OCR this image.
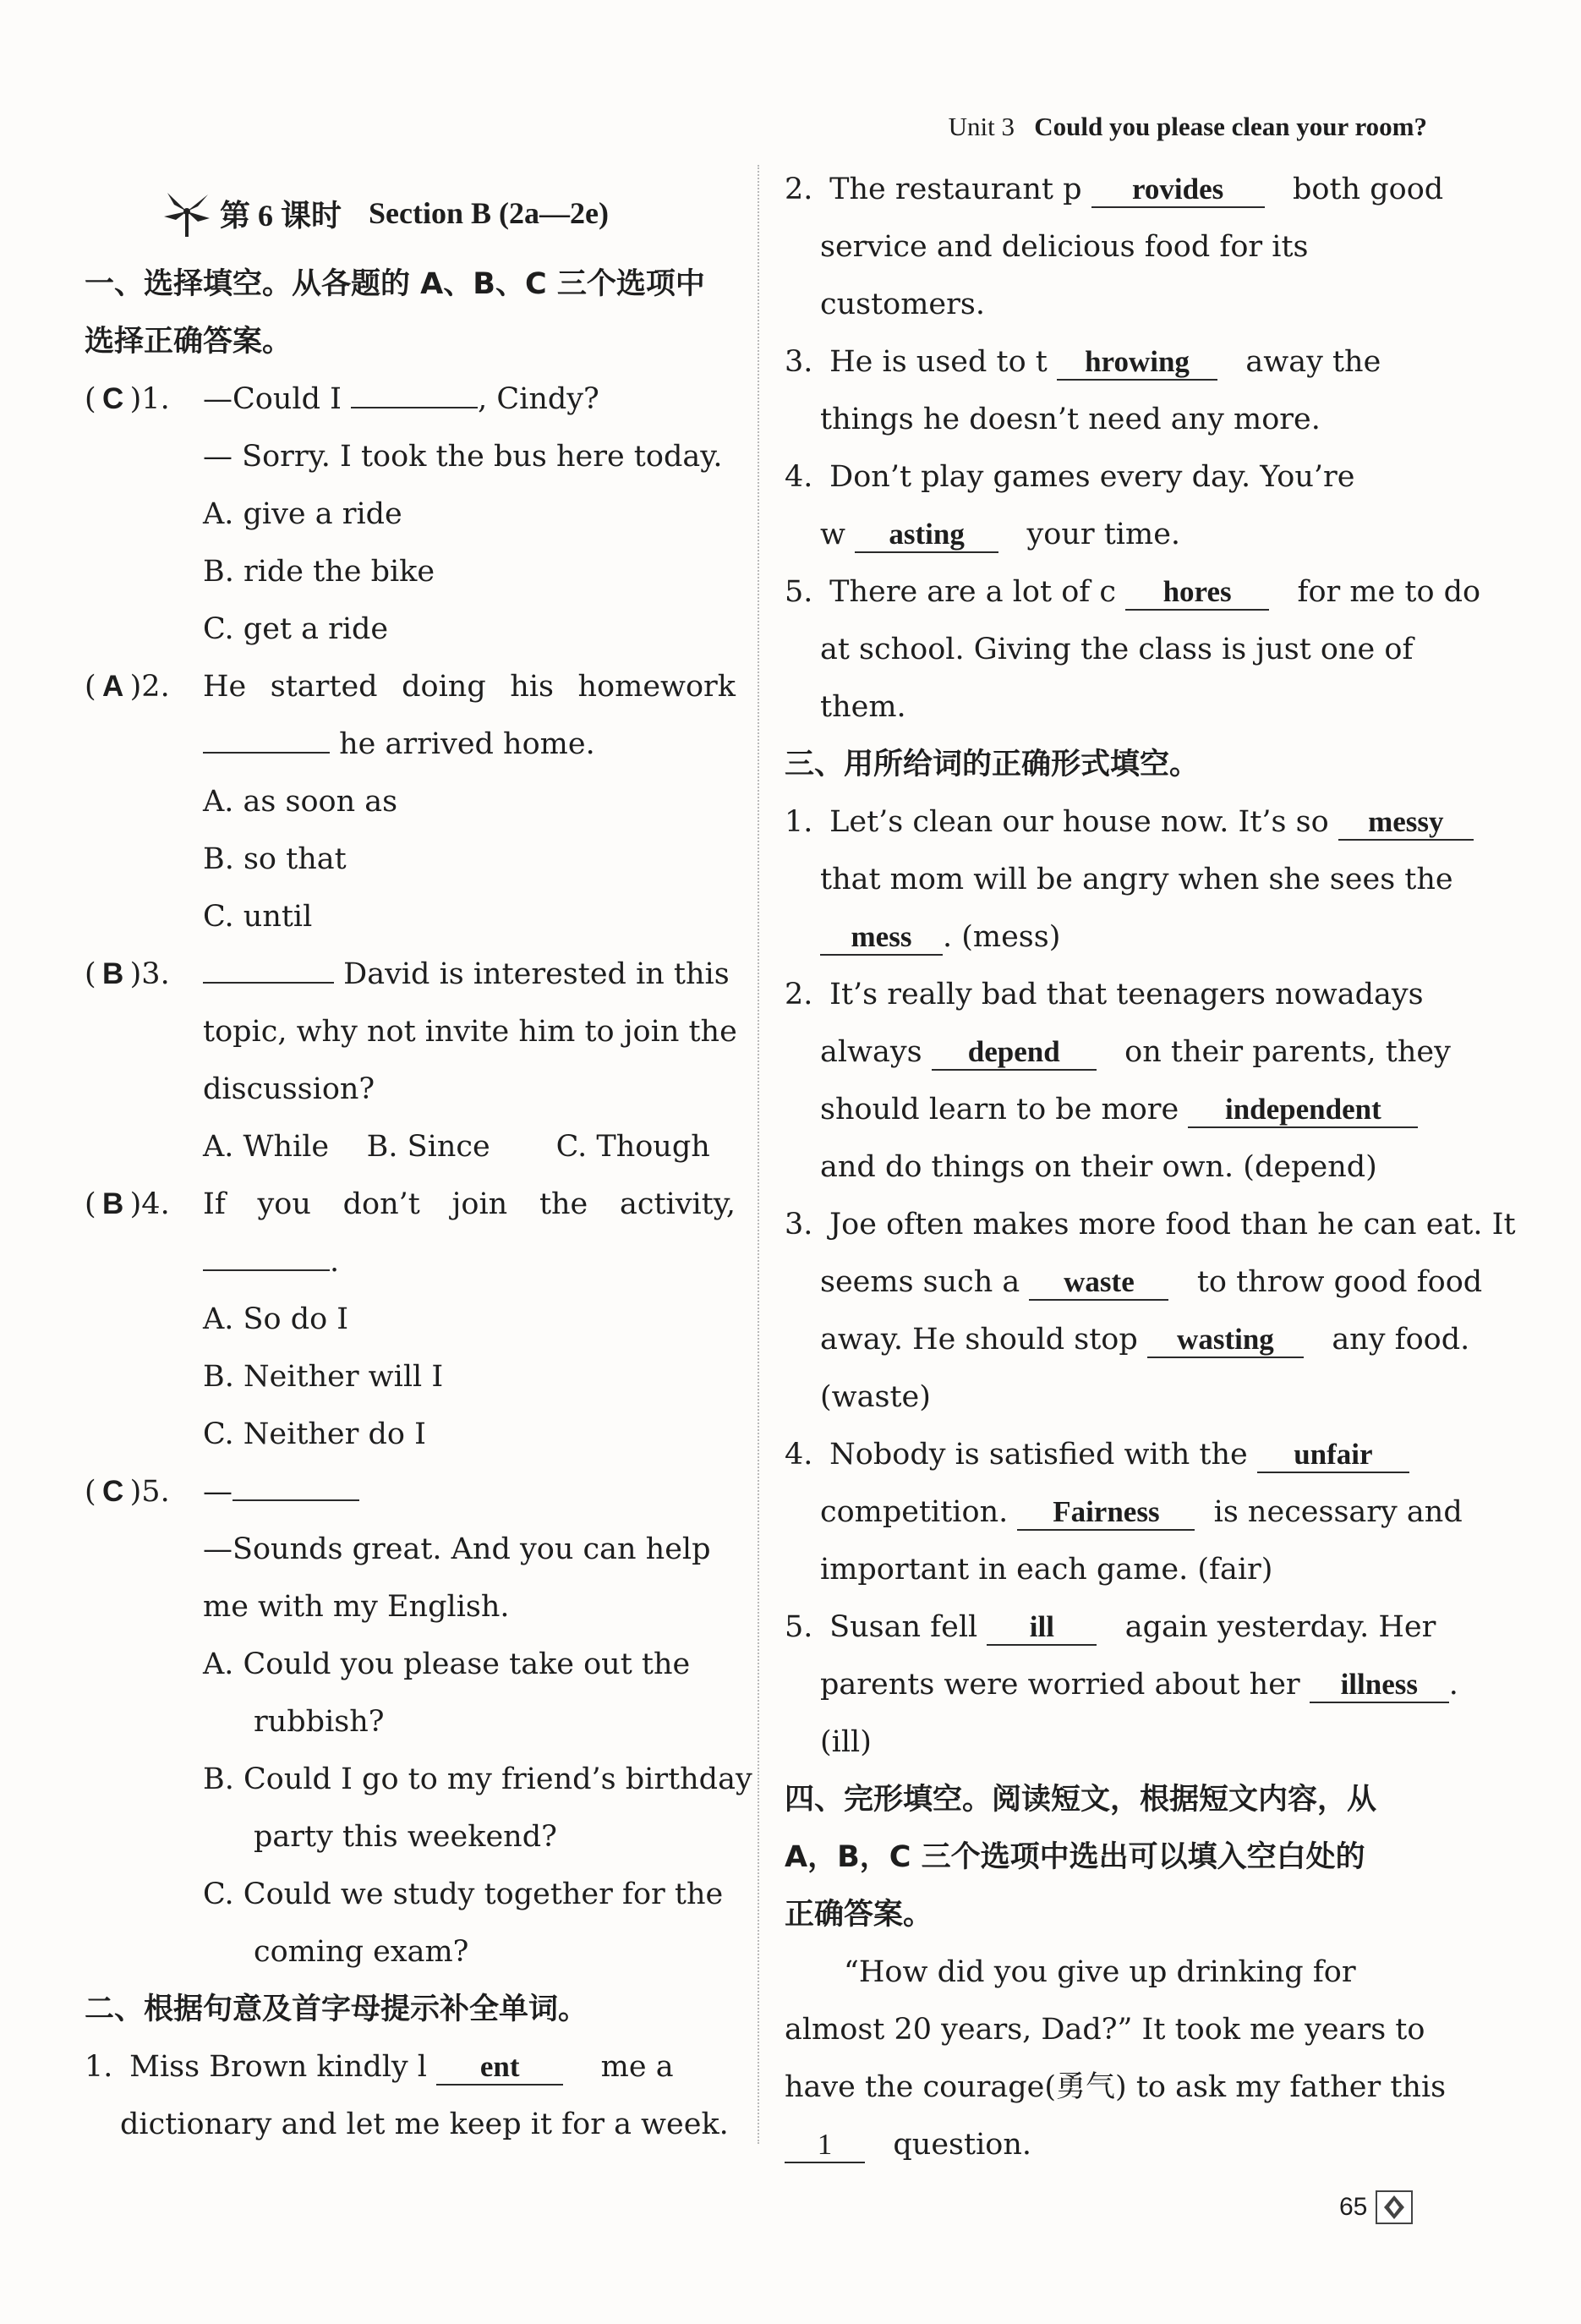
Unit 3 Could you please clean your room?
第 6 课时 Section B (2a—2e)
一、选择填空。从各题的 A、B、C 三个选项中
选择正确答案。
( C )1. —Could I	, Cindy?
— Sorry. I took the bus here today.
A. give a ride
B. ride the bike
C. get a ride
( A )2. He started doing his homework
he arrived home.
A. as soon as
B. so that
C. until
( B )3.	David is interested in this
topic, why not invite him to join the
discussion?
A. While B. Since C. Though
( B )4. If you don’t join the activity,
.
A. So do I
B. Neither will I
C. Neither do I
( C )5. —
—Sounds great. And you can help
me with my English.
A. Could you please take out the
rubbish?
B. Could I go to my friend’s birthday
party this weekend?
C. Could we study together for the
coming exam?
二、根据句意及首字母提示补全单词。
1. Miss Brown kindly l ent	me a
dictionary and let me keep it for a week.
2. The restaurant p rovides both good
service and delicious food for its
customers.
3. He is used to t hrowing away the
things he doesn’t need any more.
4. Don’t play games every day. You’re
w asting your time.
5. There are a lot of c hores for me to do
at school. Giving the class is just one of
them.
三、用所给词的正确形式填空。
1. Let’s clean our house now. It’s so messy
that mom will be angry when she sees the
mess . (mess)
2. It’s really bad that teenagers nowadays
always depend on their parents, they
should learn to be more independent
and do things on their own. (depend)
3. Joe often makes more food than he can eat. It
seems such a waste to throw good food
away. He should stop wasting any food.
(waste)
4. Nobody is satisfied with the unfair
competition. Fairness is necessary and
important in each game. (fair)
5. Susan fell ill again yesterday. Her
parents were worried about her illness .
(ill)
四、完形填空。阅读短文，根据短文内容，从
A，B，C 三个选项中选出可以填入空白处的
正确答案。
“How did you give up drinking for
almost 20 years, Dad?” It took me years to
have the courage(勇气) to ask my father this
1 question.
65
